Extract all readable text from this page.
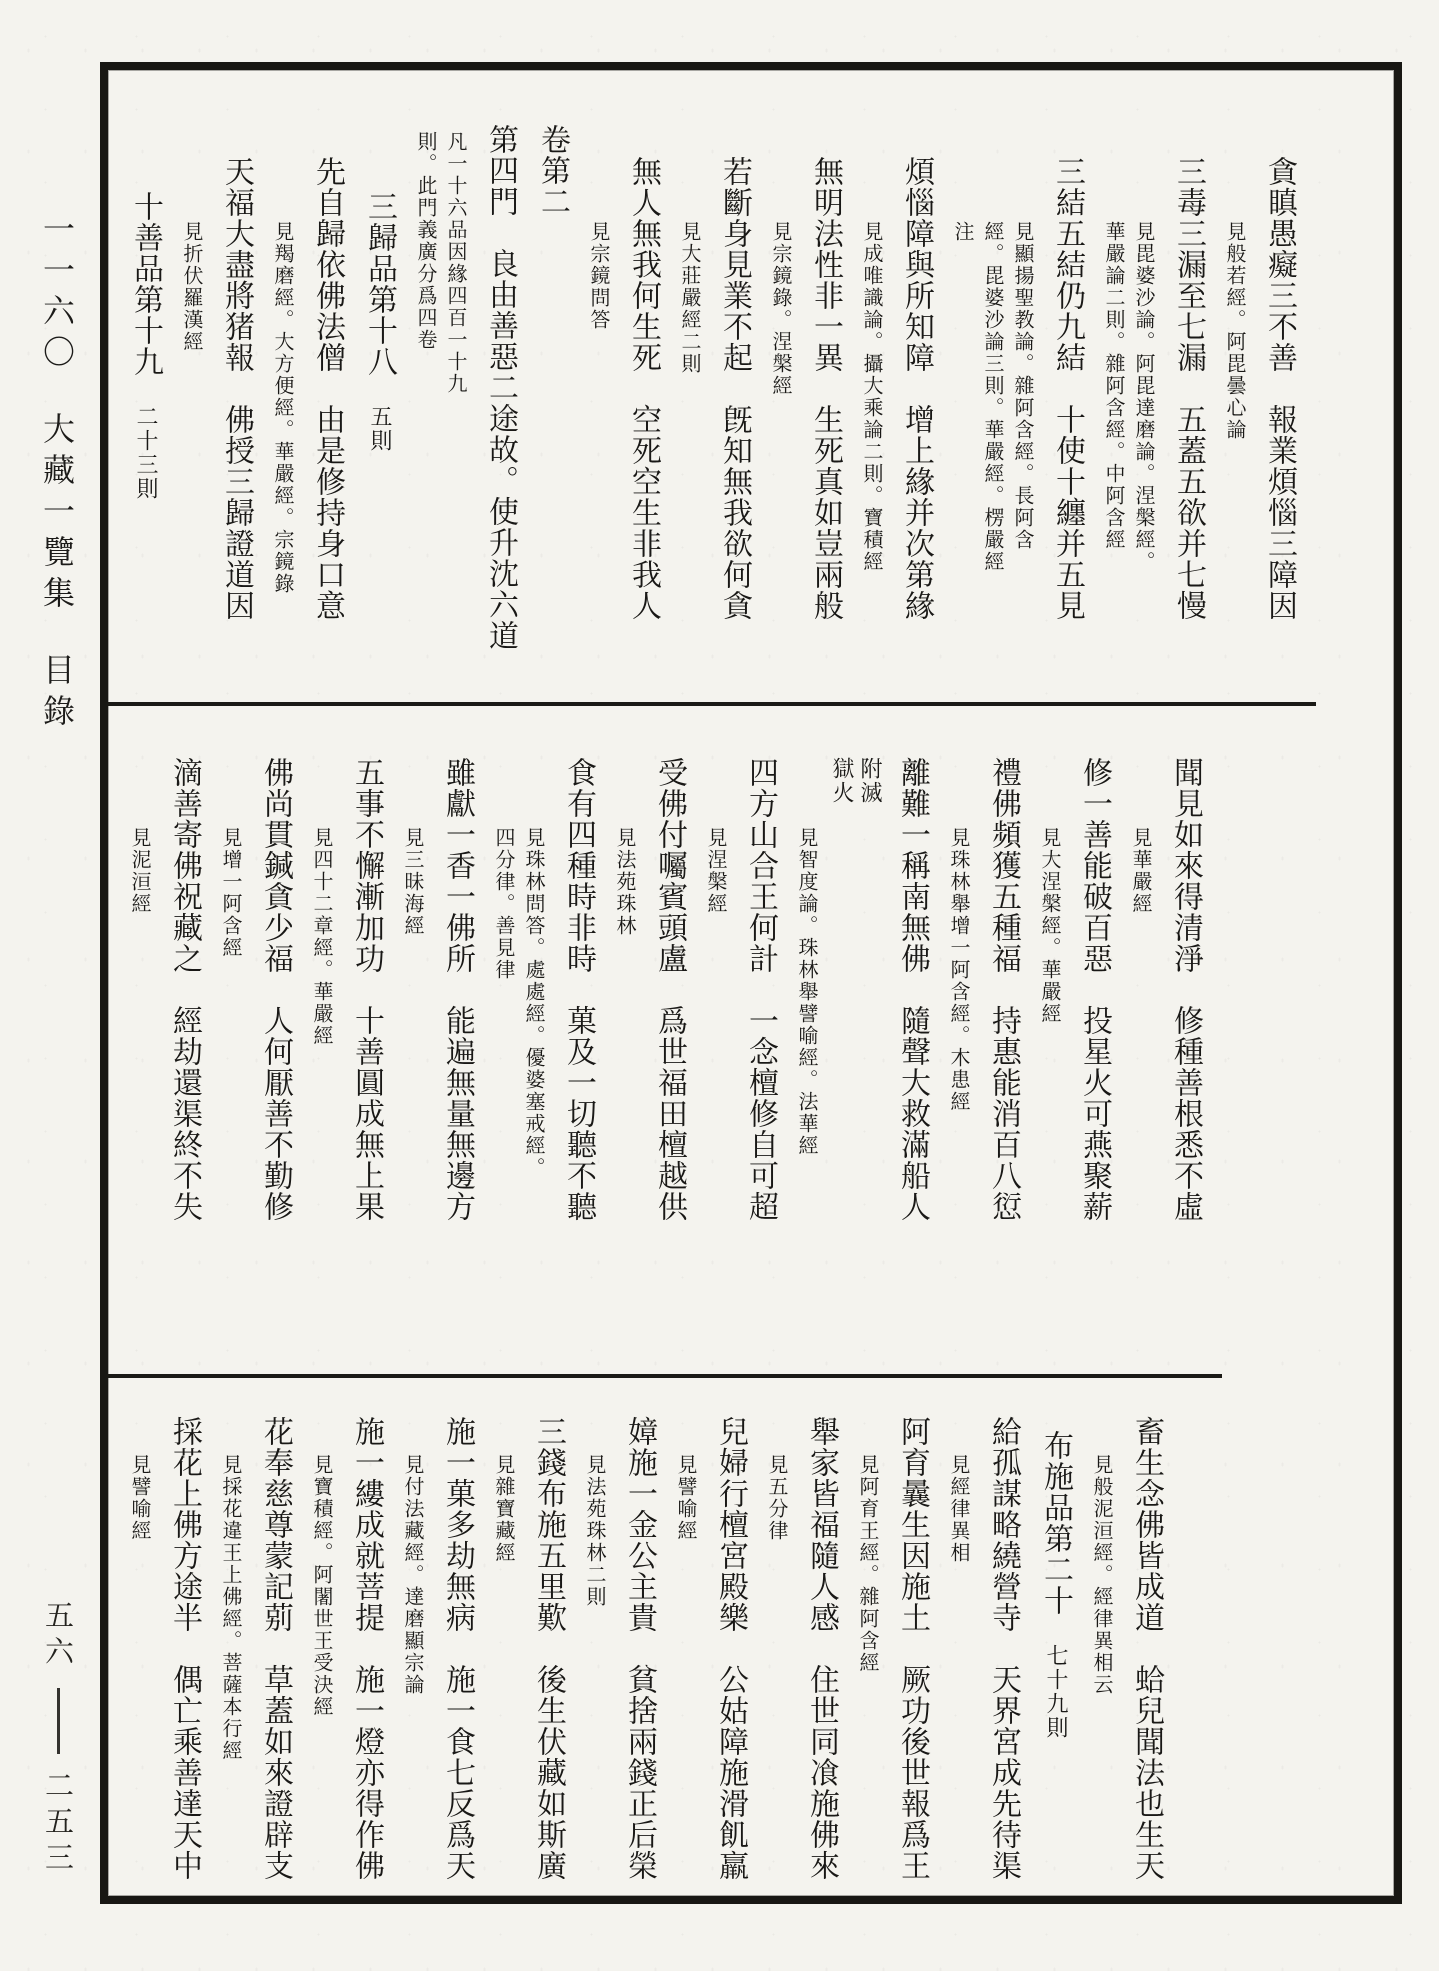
一一六〇大藏一覽集目錄
五六
二五三
貪瞋愚癡三不善　報業煩惱三障因
見般若經。阿毘曇心論
三毒三漏至七漏　五蓋五欲并七慢
見毘婆沙論。阿毘達磨論。涅槃經。華嚴論二則。雜阿含經。中阿含經
三結五結仍九結　十使十纏并五見
見顯揚聖教論。雜阿含經。長阿含經。毘婆沙論三則。華嚴經。楞嚴經注
煩惱障與所知障　增上緣并次第緣
見成唯識論。攝大乘論二則。寶積經
無明法性非一異　生死真如豈兩般
見宗鏡錄。涅槃經
若斷身見業不起　旣知無我欲何貪
見大莊嚴經二則
無人無我何生死　空死空生非我人
見宗鏡問答
卷第二
第四門　良由善惡二途故。使升沈六道
凡一十六品因緣四百一十九則。此門義廣分爲四卷
三歸品第十八五則
先自歸依佛法僧　由是修持身口意
見羯磨經。大方便經。華嚴經。宗鏡錄
天福大盡將猪報　佛授三歸證道因
見折伏羅漢經
十善品第十九二十三則
聞見如來得清淨　修種善根悉不虛
見華嚴經
修一善能破百惡　投星火可燕聚薪
見大涅槃經。華嚴經
禮佛頻獲五種福　持惠能消百八愆
見珠林舉增一阿含經。木患經
離難一稱南無佛　隨聲大救滿船人
附滅獄火
見智度論。珠林舉譬喻經。法華經
四方山合王何計　一念檀修自可超
見涅槃經
受佛付囑賓頭盧　爲世福田檀越供
見法苑珠林
食有四種時非時　菓及一切聽不聽
見珠林問答。處處經。優婆塞戒經。四分律。善見律
雖獻一香一佛所　能遍無量無邊方
見三昧海經
五事不懈漸加功　十善圓成無上果
見四十二章經。華嚴經
佛尚貫鍼貪少福　人何厭善不勤修
見增一阿含經
滴善寄佛祝藏之　經劫還渠終不失
見泥洹經
畜生念佛皆成道　蛤兒聞法也生天
見般泥洹經。經律異相云
布施品第二十七十九則
給孤謀略繞營寺　天界宮成先待渠
見經律異相
阿育曩生因施土　厥功後世報爲王
見阿育王經。雜阿含經
舉家皆福隨人感　住世同飡施佛來
見五分律
兒婦行檀宮殿樂　公姑障施滑飢羸
見譬喻經
嫜施一金公主貴　貧捨兩錢正后榮
見法苑珠林二則
三錢布施五里歎　後生伏藏如斯廣
見雜寶藏經
施一菓多劫無病　施一食七反爲天
見付法藏經。達磨顯宗論
施一縷成就菩提　施一燈亦得作佛
見寶積經。阿闍世王受決經
花奉慈尊蒙記莂　草蓋如來證辟支
見採花違王上佛經。菩薩本行經
採花上佛方途半　偶亡乘善達天中
見譬喻經
